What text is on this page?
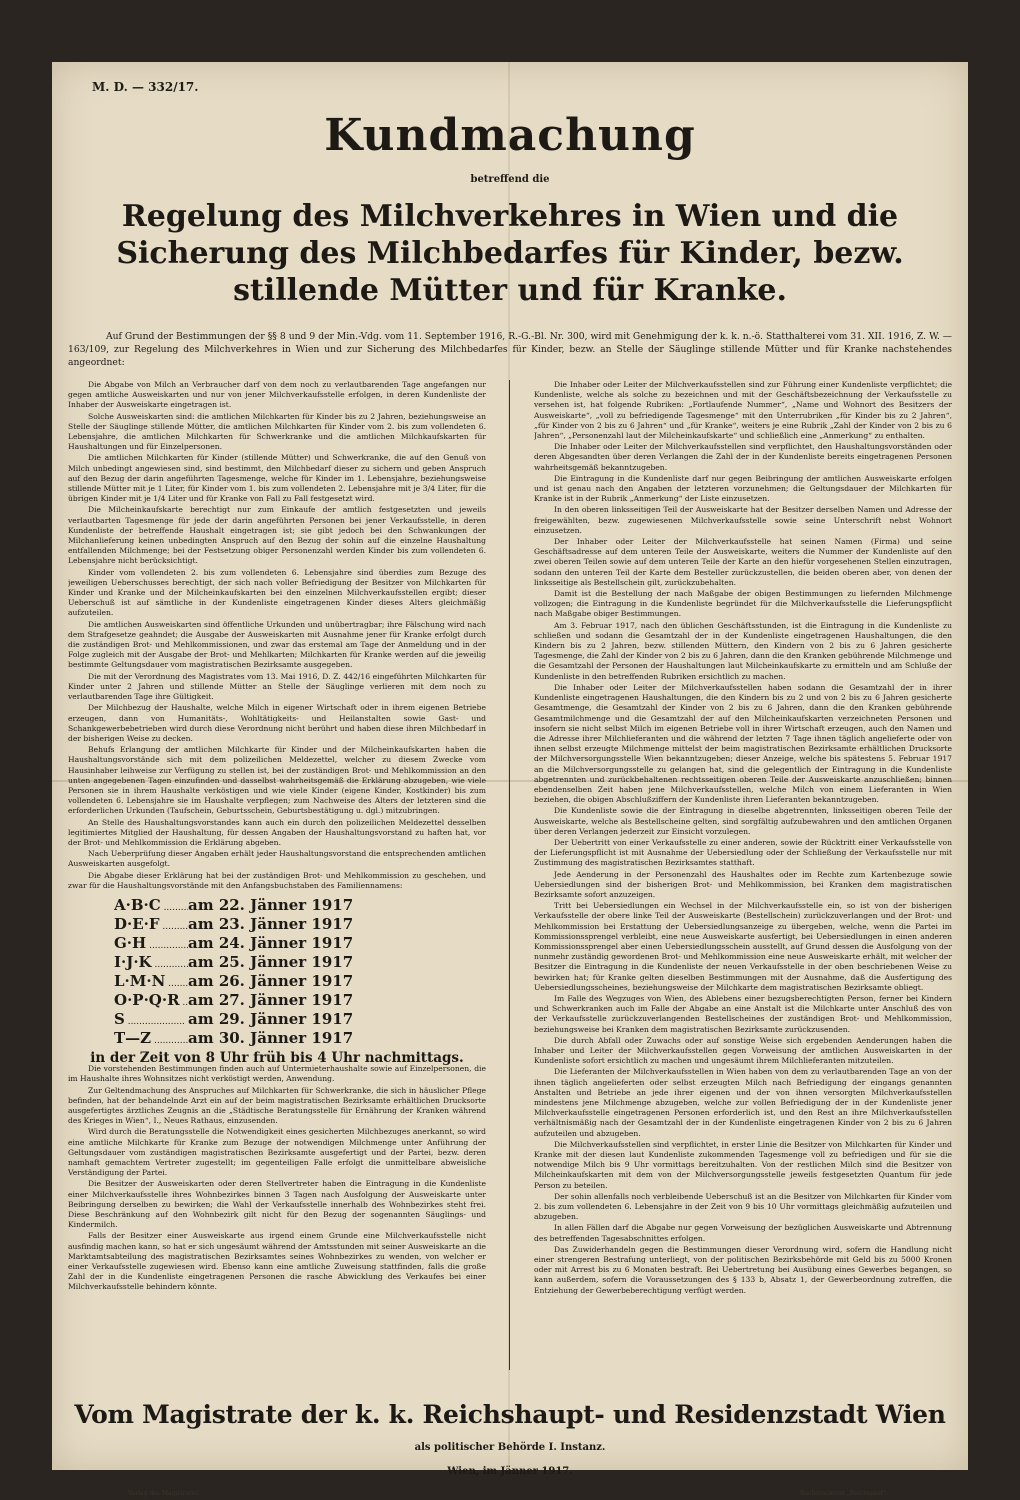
M. D. — 332/17.
Kundmachung
betreffend die
Regelung des Milchverkehres in Wien und die Sicherung des Milchbedarfes für Kinder, bezw. stillende Mütter und für Kranke.
Auf Grund der Bestimmungen der §§ 8 und 9 der Min.-Vdg. vom 11. September 1916, R.-G.-Bl. Nr. 300, wird mit Genehmigung der k. k. n.-ö. Statthalterei vom 31. XII. 1916, Z. W. — 163/109, zur Regelung des Milchverkehres in Wien und zur Sicherung des Milchbedarfes für Kinder, bezw. an Stelle der Säuglinge stillende Mütter und für Kranke nachstehendes angeordnet:

Die Abgabe von Milch an Verbraucher darf von dem noch zu verlautbarenden Tage angefangen nur gegen amtliche Ausweiskarten und nur von jener Milchverkaufsstelle erfolgen, in deren Kundenliste der Inhaber der Ausweiskarte eingetragen ist.

Solche Ausweiskarten sind: die amtlichen Milchkarten für Kinder bis zu 2 Jahren, beziehungsweise an Stelle der Säuglinge stillende Mütter, die amtlichen Milchkarten für Kinder vom 2. bis zum vollendeten 6. Lebensjahre, die amtlichen Milchkarten für Schwerkranke und die amtlichen Milchkaufskarten für Haushaltungen und für Einzelpersonen.

Die amtlichen Milchkarten für Kinder (stillende Mütter) und Schwerkranke, die auf den Genuß von Milch unbedingt angewiesen sind, sind bestimmt, den Milchbedarf dieser zu sichern und geben Anspruch auf den Bezug der darin angeführten Tagesmenge, welche für Kinder im 1. Lebensjahre, beziehungsweise stillende Mütter mit je 1 Liter, für Kinder vom 1. bis zum vollendeten 2. Lebensjahre mit je 3/4 Liter, für die übrigen Kinder mit je 1/4 Liter und für Kranke von Fall zu Fall festgesetzt wird.

Die Milcheinkaufskarte berechtigt nur zum Einkaufe der amtlich festgesetzten und jeweils verlautbarten Tagesmenge für jede der darin angeführten Personen bei jener Verkaufsstelle, in deren Kundenliste der betreffende Haushalt eingetragen ist; sie gibt jedoch bei den Schwankungen der Milchanlieferung keinen unbedingten Anspruch auf den Bezug der sohin auf die einzelne Haushaltung entfallenden Milchmenge; bei der Festsetzung obiger Personenzahl werden Kinder bis zum vollendeten 6. Lebensjahre nicht berücksichtigt.

Kinder vom vollendeten 2. bis zum vollendeten 6. Lebensjahre sind überdies zum Bezuge des jeweiligen Ueberschusses berechtigt, der sich nach voller Befriedigung der Besitzer von Milchkarten für Kinder und Kranke und der Milcheinkaufskarten bei den einzelnen Milchverkaufsstellen ergibt; dieser Ueberschuß ist auf sämtliche in der Kundenliste eingetragenen Kinder dieses Alters gleichmäßig aufzuteilen.

Die amtlichen Ausweiskarten sind öffentliche Urkunden und unübertragbar; ihre Fälschung wird nach dem Strafgesetze geahndet; die Ausgabe der Ausweiskarten mit Ausnahme jener für Kranke erfolgt durch die zuständigen Brot- und Mehlkommissionen, und zwar das erstemal am Tage der Anmeldung und in der Folge zugleich mit der Ausgabe der Brot- und Mehlkarten; Milchkarten für Kranke werden auf die jeweilig bestimmte Geltungsdauer vom magistratischen Bezirksamte ausgegeben.

Die mit der Verordnung des Magistrates vom 13. Mai 1916, D. Z. 442/16 eingeführten Milchkarten für Kinder unter 2 Jahren und stillende Mütter an Stelle der Säuglinge verlieren mit dem noch zu verlautbarenden Tage ihre Gültigkeit.

Der Milchbezug der Haushalte, welche Milch in eigener Wirtschaft oder in ihrem eigenen Betriebe erzeugen, dann von Humanitäts-, Wohltätigkeits- und Heilanstalten sowie Gast- und Schankgewerbebetrieben wird durch diese Verordnung nicht berührt und haben diese ihren Milchbedarf in der bisherigen Weise zu decken.

Behufs Erlangung der amtlichen Milchkarte für Kinder und der Milcheinkaufskarten haben die Haushaltungsvorstände sich mit dem polizeilichen Meldezettel, welcher zu diesem Zwecke vom Hausinhaber leihweise zur Verfügung zu stellen ist, bei der zuständigen Brot- und Mehlkommission an den unten angegebenen Tagen einzufinden und dasselbst wahrheitsgemäß die Erklärung abzugeben, wie viele Personen sie in ihrem Haushalte verköstigen und wie viele Kinder (eigene Kinder, Kostkinder) bis zum vollendeten 6. Lebensjahre sie im Haushalte verpflegen; zum Nachweise des Alters der letzteren sind die erforderlichen Urkunden (Taufschein, Geburtsschein, Geburtsbestätigung u. dgl.) mitzubringen.

An Stelle des Haushaltungsvorstandes kann auch ein durch den polizeilichen Meldezettel desselben legitimiertes Mitglied der Haushaltung, für dessen Angaben der Haushaltungsvorstand zu haften hat, vor der Brot- und Mehlkommission die Erklärung abgeben.

Nach Ueberprüfung dieser Angaben erhält jeder Haushaltungsvorstand die entsprechenden amtlichen Ausweiskarten ausgefolgt.

Die Abgabe dieser Erklärung hat bei der zuständigen Brot- und Mehlkommission zu geschehen, und zwar für die Haushaltungsvorstände mit den Anfangsbuchstaben des Familiennamens:

A·B·C .....	am 22. Jänner 1917
D·E·F .....	am 23. Jänner 1917
G·H .....	am 24. Jänner 1917
I·J·K .....	am 25. Jänner 1917
L·M·N .....	am 26. Jänner 1917
O·P·Q·R ..... am 27. Jänner 1917
S .....	am 29. Jänner 1917
T—Z .....	am 30. Jänner 1917

in der Zeit von 8 Uhr früh bis 4 Uhr nachmittags.

Die vorstehenden Bestimmungen finden auch auf Untermieterhaushalte sowie auf Einzelpersonen, die im Haushalte ihres Wohnsitzes nicht verköstigt werden, Anwendung.

Zur Geltendmachung des Anspruches auf Milchkarten für Schwerkranke, die sich in häuslicher Pflege befinden, hat der behandelnde Arzt ein auf der beim magistratischen Bezirksamte erhältlichen Drucksorte ausgefertigtes ärztliches Zeugnis an die „Städtische Beratungsstelle für Ernährung der Kranken während des Krieges in Wien“, I., Neues Rathaus, einzusenden.

Wird durch die Beratungsstelle die Notwendigkeit eines gesicherten Milchbezuges anerkannt, so wird eine amtliche Milchkarte für Kranke zum Bezuge der notwendigen Milchmenge unter Anführung der Geltungsdauer vom zuständigen magistratischen Bezirksamte ausgefertigt und der Partei, bezw. deren namhaft gemachtem Vertreter zugestellt; im gegenteiligen Falle erfolgt die unmittelbare abweisliche Verständigung der Partei.

Die Besitzer der Ausweiskarten oder deren Stellvertreter haben die Eintragung in die Kundenliste einer Milchverkaufsstelle ihres Wohnbezirkes binnen 3 Tagen nach Ausfolgung der Ausweiskarte unter Beibringung derselben zu bewirken; die Wahl der Verkaufsstelle innerhalb des Wohnbezirkes steht frei. Diese Beschränkung auf den Wohnbezirk gilt nicht für den Bezug der sogenannten Säuglings- und Kindermilch.

Falls der Besitzer einer Ausweiskarte aus irgend einem Grunde eine Milchverkaufsstelle nicht ausfindig machen kann, so hat er sich ungesäumt während der Amtsstunden mit seiner Ausweiskarte an die Marktamtsabteilung des magistratischen Bezirksamtes seines Wohnbezirkes zu wenden, von welcher er einer Verkaufsstelle zugewiesen wird. Ebenso kann eine amtliche Zuweisung stattfinden, falls die große Zahl der in die Kundenliste eingetragenen Personen die rasche Abwicklung des Verkaufes bei einer Milchverkaufsstelle behindern könnte.

Die Inhaber oder Leiter der Milchverkaufsstellen sind zur Führung einer Kundenliste verpflichtet; die Kundenliste, welche als solche zu bezeichnen und mit der Geschäftsbezeichnung der Verkaufsstelle zu versehen ist, hat folgende Rubriken: „Fortlaufende Nummer“, „Name und Wohnort des Besitzers der Ausweiskarte“, „voll zu befriedigende Tagesmenge“ mit den Unterrubriken „für Kinder bis zu 2 Jahren“, „für Kinder von 2 bis zu 6 Jahren“ und „für Kranke“, weiters je eine Rubrik „Zahl der Kinder von 2 bis zu 6 Jahren“, „Personenzahl laut der Milcheinkaufskarte“ und schließlich eine „Anmerkung“ zu enthalten.

Die Inhaber oder Leiter der Milchverkaufsstellen sind verpflichtet, den Haushaltungsvorständen oder deren Abgesandten über deren Verlangen die Zahl der in der Kundenliste bereits eingetragenen Personen wahrheitsgemäß bekanntzugeben.

Die Eintragung in die Kundenliste darf nur gegen Beibringung der amtlichen Ausweiskarte erfolgen und ist genau nach den Angaben der letzteren vorzunehmen; die Geltungsdauer der Milchkarten für Kranke ist in der Rubrik „Anmerkung“ der Liste einzusetzen.

In den oberen linksseitigen Teil der Ausweiskarte hat der Besitzer derselben Namen und Adresse der freigewählten, bezw. zugewiesenen Milchverkaufsstelle sowie seine Unterschrift nebst Wohnort einzusetzen.

Der Inhaber oder Leiter der Milchverkaufsstelle hat seinen Namen (Firma) und seine Geschäftsadresse auf dem unteren Teile der Ausweiskarte, weiters die Nummer der Kundenliste auf den zwei oberen Teilen sowie auf dem unteren Teile der Karte an den hiefür vorgesehenen Stellen einzutragen, sodann den unteren Teil der Karte dem Besteller zurückzustellen, die beiden oberen aber, von denen der linksseitige als Bestellschein gilt, zurückzubehalten.

Damit ist die Bestellung der nach Maßgabe der obigen Bestimmungen zu liefernden Milchmenge vollzogen; die Eintragung in die Kundenliste begründet für die Milchverkaufsstelle die Lieferungspflicht nach Maßgabe obiger Bestimmungen.

Am 3. Februar 1917, nach den üblichen Geschäftsstunden, ist die Eintragung in die Kundenliste zu schließen und sodann die Gesamtzahl der in der Kundenliste eingetragenen Haushaltungen, die den Kindern bis zu 2 Jahren, bezw. stillenden Müttern, den Kindern von 2 bis zu 6 Jahren gesicherte Tagesmenge, die Zahl der Kinder von 2 bis zu 6 Jahren, dann die den Kranken gebührende Milchmenge und die Gesamtzahl der Personen der Haushaltungen laut Milcheinkaufskarte zu ermitteln und am Schluße der Kundenliste in den betreffenden Rubriken ersichtlich zu machen.

Die Inhaber oder Leiter der Milchverkaufsstellen haben sodann die Gesamtzahl der in ihrer Kundenliste eingetragenen Haushaltungen, die den Kindern bis zu 2 und von 2 bis zu 6 Jahren gesicherte Gesamtmenge, die Gesamtzahl der Kinder von 2 bis zu 6 Jahren, dann die den Kranken gebührende Gesamtmilchmenge und die Gesamtzahl der auf den Milcheinkaufskarten verzeichneten Personen und insofern sie nicht selbst Milch im eigenen Betriebe voll in ihrer Wirtschaft erzeugen, auch den Namen und die Adresse ihrer Milchlieferanten und die während der letzten 7 Tage ihnen täglich angelieferte oder von ihnen selbst erzeugte Milchmenge mittelst der beim magistratischen Bezirksamte erhältlichen Drucksorte der Milchversorgungsstelle Wien bekanntzugeben; dieser Anzeige, welche bis spätestens 5. Februar 1917 an die Milchversorgungsstelle zu gelangen hat, sind die gelegentlich der Eintragung in die Kundenliste abgetrennten und zurückbehaltenen rechtsseitigen oberen Teile der Ausweiskarte anzuschließen; binnen ebendenselben Zeit haben jene Milchverkaufsstellen, welche Milch von einem Lieferanten in Wien beziehen, die obigen Abschlußziffern der Kundenliste ihren Lieferanten bekanntzugeben.

Die Kundenliste sowie die der Eintragung in dieselbe abgetrennten, linksseitigen oberen Teile der Ausweiskarte, welche als Bestellscheine gelten, sind sorgfältig aufzubewahren und den amtlichen Organen über deren Verlangen jederzeit zur Einsicht vorzulegen.

Der Uebertritt von einer Verkaufsstelle zu einer anderen, sowie der Rücktritt einer Verkaufsstelle von der Lieferungspflicht ist mit Ausnahme der Uebersiedlung oder der Schließung der Verkaufsstelle nur mit Zustimmung des magistratischen Bezirksamtes statthaft.

Jede Aenderung in der Personenzahl des Haushaltes oder im Rechte zum Kartenbezuge sowie Uebersiedlungen sind der bisherigen Brot- und Mehlkommission, bei Kranken dem magistratischen Bezirksamte sofort anzuzeigen.

Tritt bei Uebersiedlungen ein Wechsel in der Milchverkaufsstelle ein, so ist von der bisherigen Verkaufsstelle der obere linke Teil der Ausweiskarte (Bestellschein) zurückzuverlangen und der Brot- und Mehlkommission bei Erstattung der Uebersiedlungsanzeige zu übergeben, welche, wenn die Partei im Kommissionssprengel verbleibt, eine neue Ausweiskarte ausfertigt, bei Uebersiedlungen in einen anderen Kommissionssprengel aber einen Uebersiedlungsschein ausstellt, auf Grund dessen die Ausfolgung von der nunmehr zuständig gewordenen Brot- und Mehlkommission eine neue Ausweiskarte erhält, mit welcher der Besitzer die Eintragung in die Kundenliste der neuen Verkaufsstelle in der oben beschriebenen Weise zu bewirken hat; für Kranke gelten dieselben Bestimmungen mit der Ausnahme, daß die Ausfertigung des Uebersiedlungsscheines, beziehungsweise der Milchkarte dem magistratischen Bezirksamte obliegt.

Im Falle des Wegzuges von Wien, des Ablebens einer bezugsberechtigten Person, ferner bei Kindern und Schwerkranken auch im Falle der Abgabe an eine Anstalt ist die Milchkarte unter Anschluß des von der Verkaufsstelle zurückzuverlangenden Bestellscheines der zuständigen Brot- und Mehlkommission, beziehungsweise bei Kranken dem magistratischen Bezirksamte zurückzusenden.

Die durch Abfall oder Zuwachs oder auf sonstige Weise sich ergebenden Aenderungen haben die Inhaber und Leiter der Milchverkaufsstellen gegen Vorweisung der amtlichen Ausweiskarten in der Kundenliste sofort ersichtlich zu machen und ungesäumt ihrem Milchlieferanten mitzuteilen.

Die Lieferanten der Milchverkaufsstellen in Wien haben von dem zu verlautbarenden Tage an von der ihnen täglich angelieferten oder selbst erzeugten Milch nach Befriedigung der eingangs genannten Anstalten und Betriebe an jede ihrer eigenen und der von ihnen versorgten Milchverkaufsstellen mindestens jene Milchmenge abzugeben, welche zur vollen Befriedigung der in der Kundenliste jener Milchverkaufsstelle eingetragenen Personen erforderlich ist, und den Rest an ihre Milchverkaufsstellen verhältnismäßig nach der Gesamtzahl der in der Kundenliste eingetragenen Kinder von 2 bis zu 6 Jahren aufzuteilen und abzugeben.

Die Milchverkaufsstellen sind verpflichtet, in erster Linie die Besitzer von Milchkarten für Kinder und Kranke mit der diesen laut Kundenliste zukommenden Tagesmenge voll zu befriedigen und für sie die notwendige Milch bis 9 Uhr vormittags bereitzuhalten. Von der restlichen Milch sind die Besitzer von Milcheinkaufskarten mit dem von der Milchversorgungsstelle jeweils festgesetzten Quantum für jede Person zu beteilen.

Der sohin allenfalls noch verbleibende Ueberschuß ist an die Besitzer von Milchkarten für Kinder vom 2. bis zum vollendeten 6. Lebensjahre in der Zeit von 9 bis 10 Uhr vormittags gleichmäßig aufzuteilen und abzugeben.

In allen Fällen darf die Abgabe nur gegen Vorweisung der bezüglichen Ausweiskarte und Abtrennung des betreffenden Tagesabschnittes erfolgen.

Das Zuwiderhandeln gegen die Bestimmungen dieser Verordnung wird, sofern die Handlung nicht einer strengeren Bestrafung unterliegt, von der politischen Bezirksbehörde mit Geld bis zu 5000 Kronen oder mit Arrest bis zu 6 Monaten bestraft. Bei Uebertretung bei Ausübung eines Gewerbes begangen, so kann außerdem, sofern die Voraussetzungen des § 133 b, Absatz 1, der Gewerbeordnung zutreffen, die Entziehung der Gewerbeberechtigung verfügt werden.

Vom Magistrate der k. k. Reichshaupt- und Residenzstadt Wien
als politischer Behörde I. Instanz.
Wien, im Jänner 1917.
Verlag des Magistrates.	Buchdruckerei „Reichspost“.
